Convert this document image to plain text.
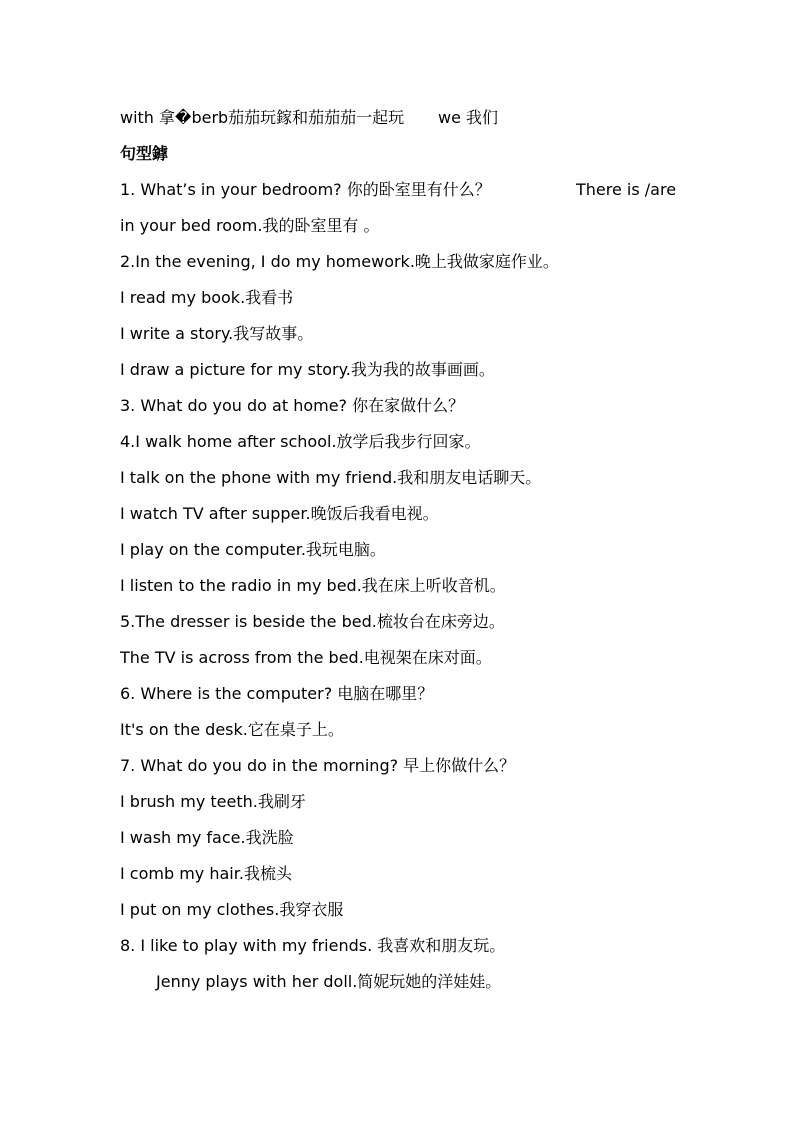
with 拿�berb茄茄玩鎵和茄茄茄一起玩 we 我们
句型鎼
1. What’s in your bedroom? 你的卧室里有什么？	There is /are
in your bed room.我的卧室里有 。
2.In the evening, I do my homework.晚上我做家庭作业。
I read my book.我看书
I write a story.我写故事。
I draw a picture for my story.我为我的故事画画。
3. What do you do at home? 你在家做什么？
4.I walk home after school.放学后我步行回家。
I talk on the phone with my friend.我和朋友电话聊天。
I watch TV after supper.晚饭后我看电视。
I play on the computer.我玩电脑。
I listen to the radio in my bed.我在床上听收音机。
5.The dresser is beside the bed.梳妆台在床旁边。
The TV is across from the bed.电视架在床对面。
6. Where is the computer? 电脑在哪里？
It's on the desk.它在桌子上。
7. What do you do in the morning? 早上你做什么？
I brush my teeth.我刷牙
I wash my face.我洗脸
I comb my hair.我梳头
I put on my clothes.我穿衣服
8. I like to play with my friends. 我喜欢和朋友玩。
Jenny plays with her doll.简妮玩她的洋娃娃。
